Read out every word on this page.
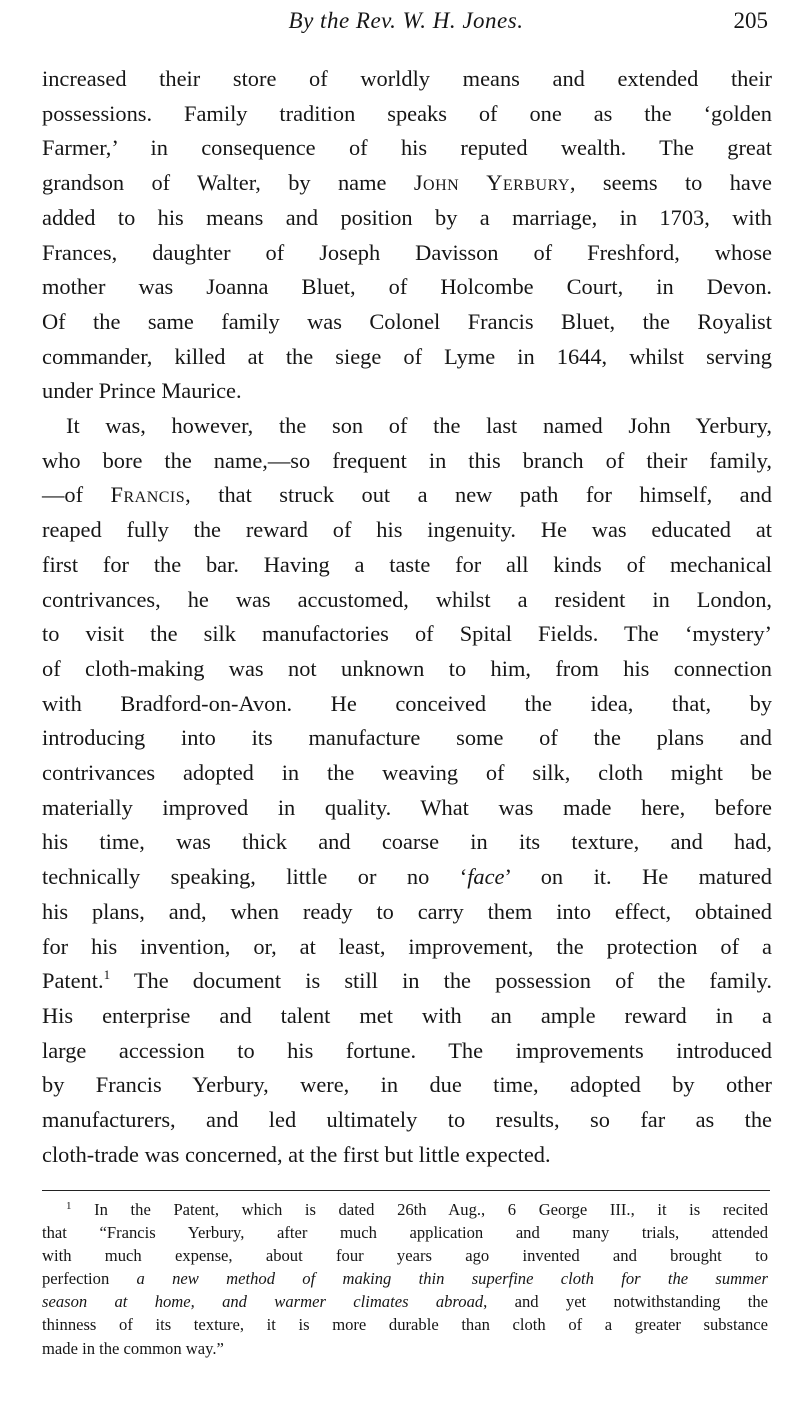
By the Rev. W. H. Jones.	205
increased their store of worldly means and extended their
possessions. Family tradition speaks of one as the ‘golden
Farmer,’ in consequence of his reputed wealth. The great
grandson of Walter, by name John Yerbury, seems to have
added to his means and position by a marriage, in 1703, with
Frances, daughter of Joseph Davisson of Freshford, whose
mother was Joanna Bluet, of Holcombe Court, in Devon.
Of the same family was Colonel Francis Bluet, the Royalist
commander, killed at the siege of Lyme in 1644, whilst serving
under Prince Maurice.
It was, however, the son of the last named John Yerbury,
who bore the name,—so frequent in this branch of their family,
—of Francis, that struck out a new path for himself, and
reaped fully the reward of his ingenuity. He was educated at
first for the bar. Having a taste for all kinds of mechanical
contrivances, he was accustomed, whilst a resident in London,
to visit the silk manufactories of Spital Fields. The ‘mystery’
of cloth-making was not unknown to him, from his connection
with Bradford-on-Avon. He conceived the idea, that, by
introducing into its manufacture some of the plans and
contrivances adopted in the weaving of silk, cloth might be
materially improved in quality. What was made here, before
his time, was thick and coarse in its texture, and had,
technically speaking, little or no ‘face’ on it. He matured
his plans, and, when ready to carry them into effect, obtained
for his invention, or, at least, improvement, the protection of a
Patent.$^1$ The document is still in the possession of the family.
His enterprise and talent met with an ample reward in a
large accession to his fortune. The improvements introduced
by Francis Yerbury, were, in due time, adopted by other
manufacturers, and led ultimately to results, so far as the
cloth-trade was concerned, at the first but little expected.
$^1$ In the Patent, which is dated 26th Aug., 6 George III., it is recited
that “Francis Yerbury, after much application and many trials, attended
with much expense, about four years ago invented and brought to
perfection a new method of making thin superfine cloth for the summer
season at home, and warmer climates abroad, and yet notwithstanding the
thinness of its texture, it is more durable than cloth of a greater substance
made in the common way.”
